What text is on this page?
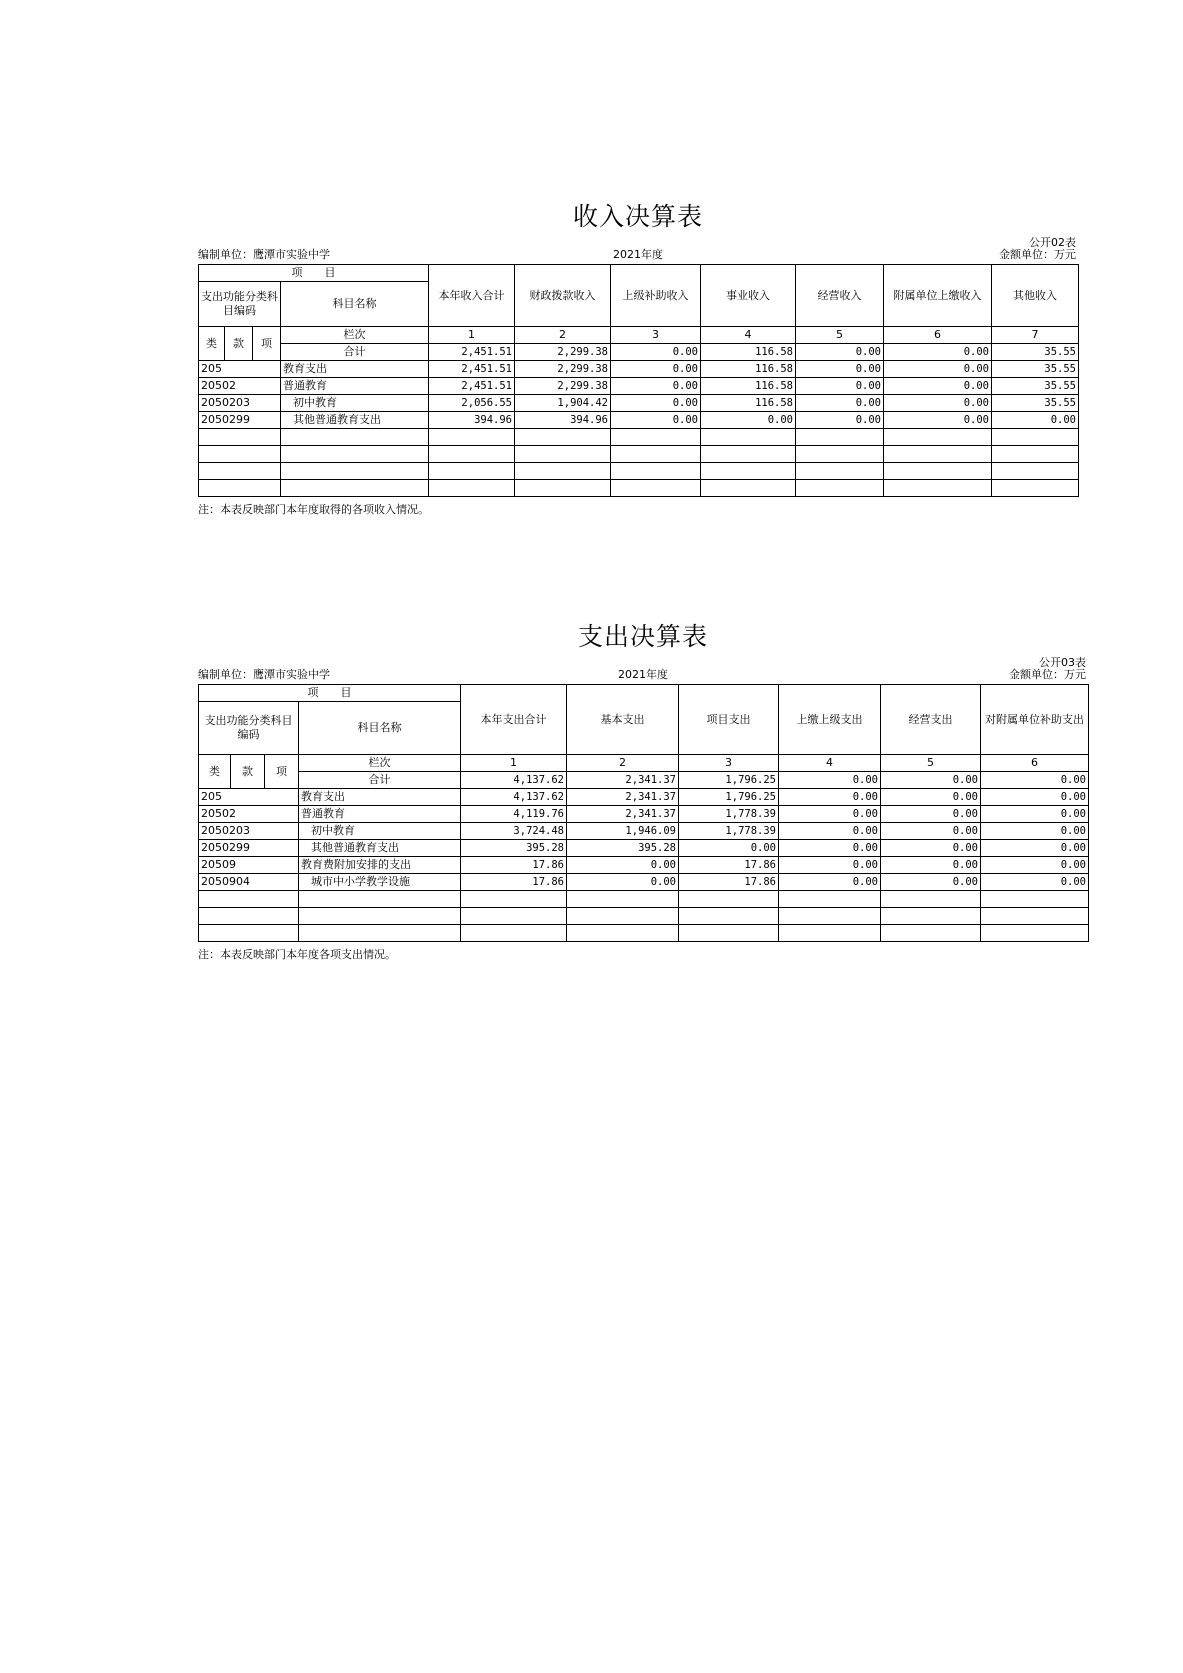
收入决算表
公开02表
编制单位：鹰潭市实验中学	2021年度	金额单位：万元
项　　目				本年收入合计	财政拨款收入	上级补助收入	事业收入	经营收入	附属单位上缴收入	其他收入
支出功能分类科目编码			科目名称							

类	款	项	栏次	1	2	3	4	5	6	7
			合计	2,451.51	2,299.38	0.00	116.58	0.00	0.00	35.55
205			教育支出	2,451.51	2,299.38	0.00	116.58	0.00	0.00	35.55
20502			普通教育	2,451.51	2,299.38	0.00	116.58	0.00	0.00	35.55
2050203			初中教育	2,056.55	1,904.42	0.00	116.58	0.00	0.00	35.55
2050299			其他普通教育支出	394.96	394.96	0.00	0.00	0.00	0.00	0.00

注：本表反映部门本年度取得的各项收入情况。
支出决算表
公开03表
编制单位：鹰潭市实验中学	2021年度	金额单位：万元
项　　目				本年支出合计	基本支出	项目支出	上缴上级支出	经营支出	对附属单位补助支出
支出功能分类科目编码			科目名称						

类	款	项	栏次	1	2	3	4	5	6
			合计	4,137.62	2,341.37	1,796.25	0.00	0.00	0.00
205			教育支出	4,137.62	2,341.37	1,796.25	0.00	0.00	0.00
20502			普通教育	4,119.76	2,341.37	1,778.39	0.00	0.00	0.00
2050203			初中教育	3,724.48	1,946.09	1,778.39	0.00	0.00	0.00
2050299			其他普通教育支出	395.28	395.28	0.00	0.00	0.00	0.00
20509			教育费附加安排的支出	17.86	0.00	17.86	0.00	0.00	0.00
2050904			城市中小学教学设施	17.86	0.00	17.86	0.00	0.00	0.00

注：本表反映部门本年度各项支出情况。
